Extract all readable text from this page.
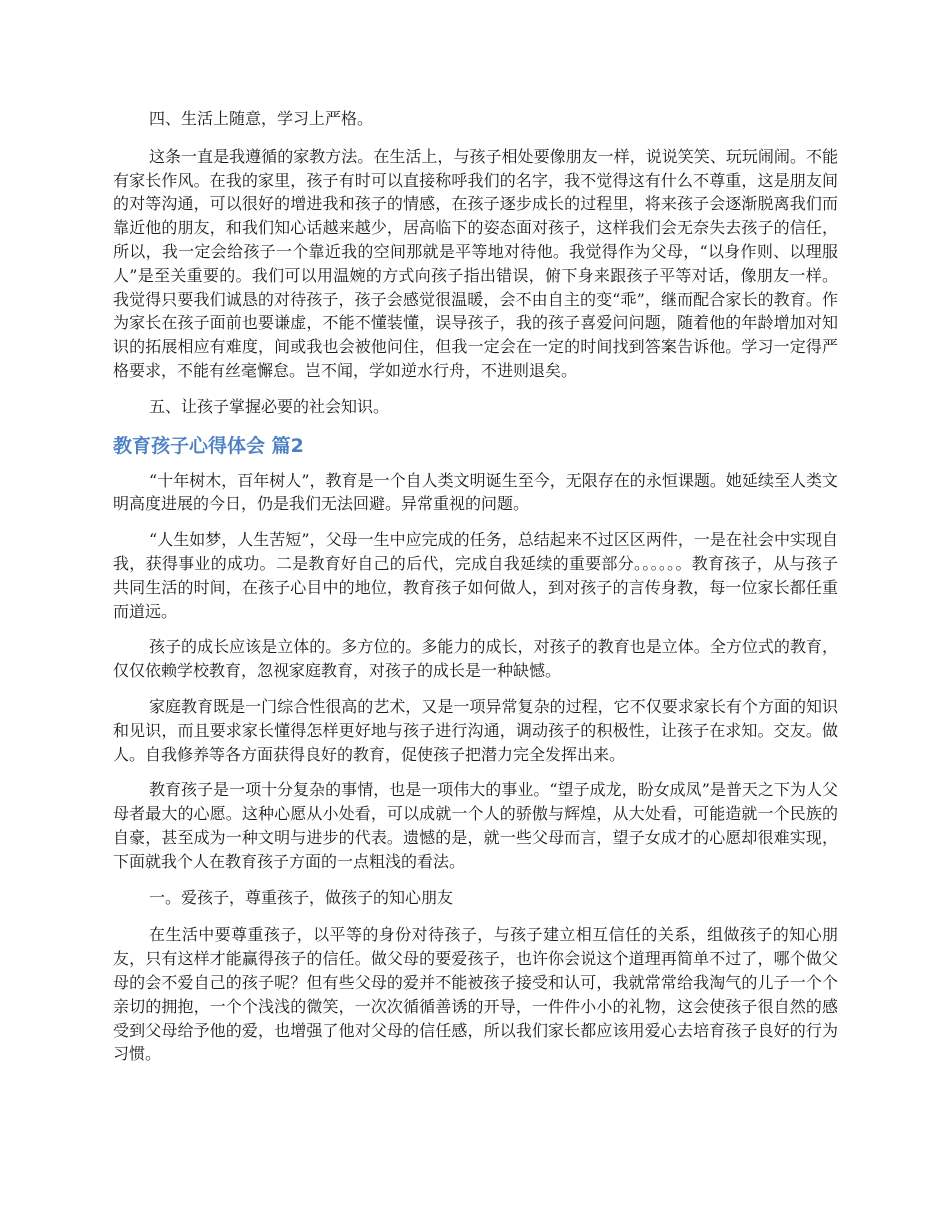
四、生活上随意，学习上严格。

这条一直是我遵循的家教方法。在生活上，与孩子相处要像朋友一样，说说笑笑、玩玩闹闹。不能有家长作风。在我的家里，孩子有时可以直接称呼我们的名字，我不觉得这有什么不尊重，这是朋友间的对等沟通，可以很好的增进我和孩子的情感，在孩子逐步成长的过程里，将来孩子会逐渐脱离我们而靠近他的朋友，和我们知心话越来越少，居高临下的姿态面对孩子，这样我们会无奈失去孩子的信任，所以，我一定会给孩子一个靠近我的空间那就是平等地对待他。我觉得作为父母，“以身作则、以理服人”是至关重要的。我们可以用温婉的方式向孩子指出错误，俯下身来跟孩子平等对话，像朋友一样。我觉得只要我们诚恳的对待孩子，孩子会感觉很温暖，会不由自主的变“乖”，继而配合家长的教育。作为家长在孩子面前也要谦虚，不能不懂装懂，误导孩子，我的孩子喜爱问问题，随着他的年龄增加对知识的拓展相应有难度，间或我也会被他问住，但我一定会在一定的时间找到答案告诉他。学习一定得严格要求，不能有丝毫懈怠。岂不闻，学如逆水行舟，不进则退矣。

五、让孩子掌握必要的社会知识。

教育孩子心得体会 篇2

“十年树木，百年树人”，教育是一个自人类文明诞生至今，无限存在的永恒课题。她延续至人类文明高度进展的今日，仍是我们无法回避。异常重视的问题。

“人生如梦，人生苦短”，父母一生中应完成的任务，总结起来不过区区两件，一是在社会中实现自我，获得事业的成功。二是教育好自己的后代，完成自我延续的重要部分。。。。。。教育孩子，从与孩子共同生活的时间，在孩子心目中的地位，教育孩子如何做人，到对孩子的言传身教，每一位家长都任重而道远。

孩子的成长应该是立体的。多方位的。多能力的成长，对孩子的教育也是立体。全方位式的教育，仅仅依赖学校教育，忽视家庭教育，对孩子的成长是一种缺憾。

家庭教育既是一门综合性很高的艺术，又是一项异常复杂的过程，它不仅要求家长有个方面的知识和见识，而且要求家长懂得怎样更好地与孩子进行沟通，调动孩子的积极性，让孩子在求知。交友。做人。自我修养等各方面获得良好的教育，促使孩子把潜力完全发挥出来。

教育孩子是一项十分复杂的事情，也是一项伟大的事业。“望子成龙，盼女成凤”是普天之下为人父母者最大的心愿。这种心愿从小处看，可以成就一个人的骄傲与辉煌，从大处看，可能造就一个民族的自豪，甚至成为一种文明与进步的代表。遗憾的是，就一些父母而言，望子女成才的心愿却很难实现，下面就我个人在教育孩子方面的一点粗浅的看法。

一。爱孩子，尊重孩子，做孩子的知心朋友

在生活中要尊重孩子，以平等的身份对待孩子，与孩子建立相互信任的关系，组做孩子的知心朋友，只有这样才能赢得孩子的信任。做父母的要爱孩子，也许你会说这个道理再简单不过了，哪个做父母的会不爱自己的孩子呢？但有些父母的爱并不能被孩子接受和认可，我就常常给我淘气的儿子一个个亲切的拥抱，一个个浅浅的微笑，一次次循循善诱的开导，一件件小小的礼物，这会使孩子很自然的感受到父母给予他的爱，也增强了他对父母的信任感，所以我们家长都应该用爱心去培育孩子良好的行为习惯。
